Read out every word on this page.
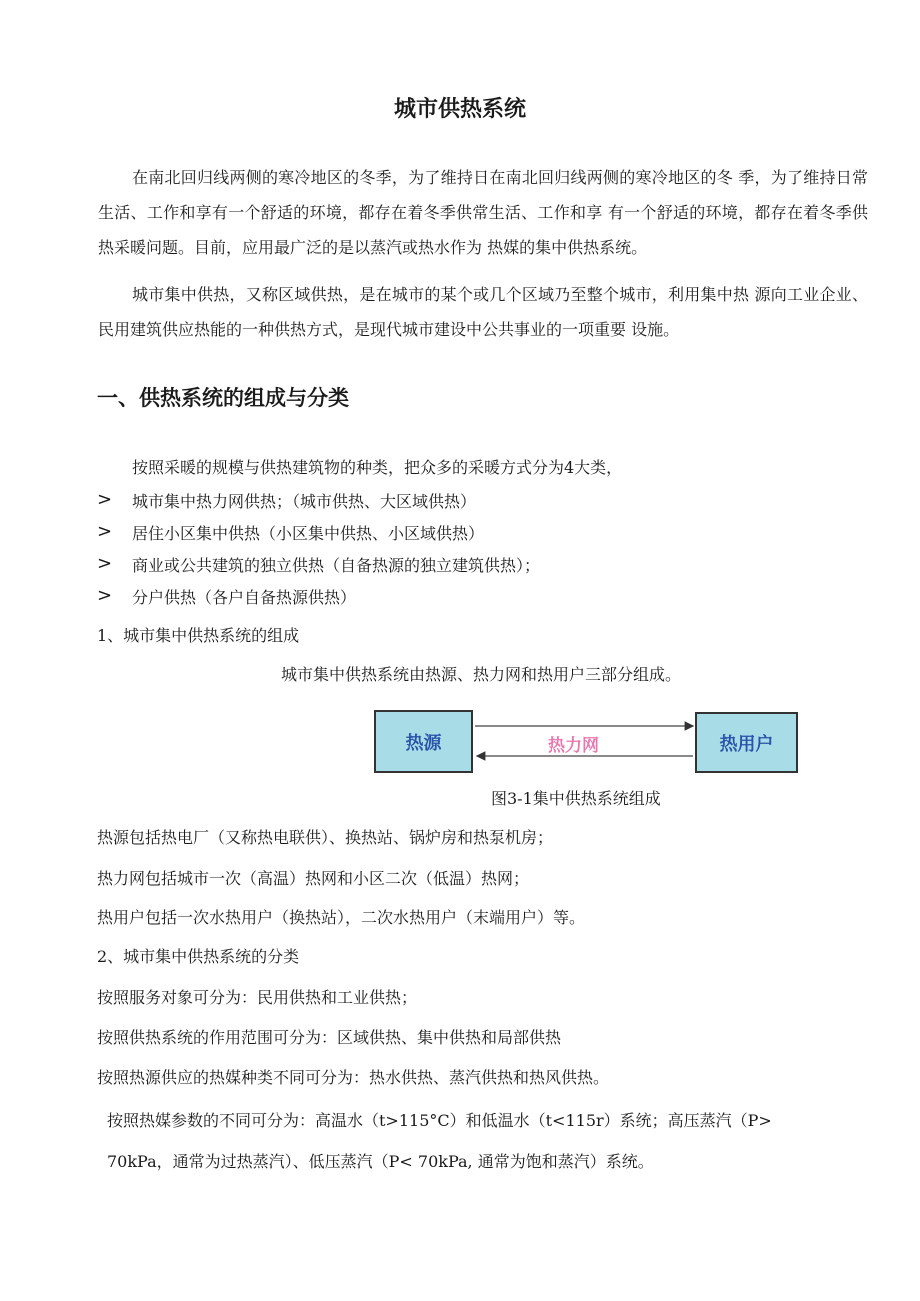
城市供热系统
在南北回归线两侧的寒冷地区的冬季，为了维持日在南北回归线两侧的寒冷地区的冬 季，为了维持日常生活、工作和享有一个舒适的环境，都存在着冬季供常生活、工作和享 有一个舒适的环境，都存在着冬季供热采暖问题。目前，应用最广泛的是以蒸汽或热水作为 热媒的集中供热系统。
城市集中供热，又称区域供热，是在城市的某个或几个区域乃至整个城市，利用集中热 源向工业企业、民用建筑供应热能的一种供热方式，是现代城市建设中公共事业的一项重要 设施。
一、供热系统的组成与分类
按照采暖的规模与供热建筑物的种类，把众多的采暖方式分为4大类，
> 城市集中热力网供热；（城市供热、大区域供热）
> 居住小区集中供热（小区集中供热、小区域供热）
> 商业或公共建筑的独立供热（自备热源的独立建筑供热）；
> 分户供热（各户自备热源供热）
1、城市集中供热系统的组成
城市集中供热系统由热源、热力网和热用户三部分组成。
热源	热用户
热力网
图3-1集中供热系统组成
热源包括热电厂（又称热电联供）、换热站、锅炉房和热泵机房；
热力网包括城市一次（高温）热网和小区二次（低温）热网；
热用户包括一次水热用户（换热站），二次水热用户（末端用户）等。
2、城市集中供热系统的分类
按照服务对象可分为：民用供热和工业供热；
按照供热系统的作用范围可分为：区域供热、集中供热和局部供热
按照热源供应的热媒种类不同可分为：热水供热、蒸汽供热和热风供热。
按照热媒参数的不同可分为：高温水（t>115°C）和低温水（t<115r）系统；高压蒸汽（P>
70kPa，通常为过热蒸汽）、低压蒸汽（P< 70kPa, 通常为饱和蒸汽）系统。
